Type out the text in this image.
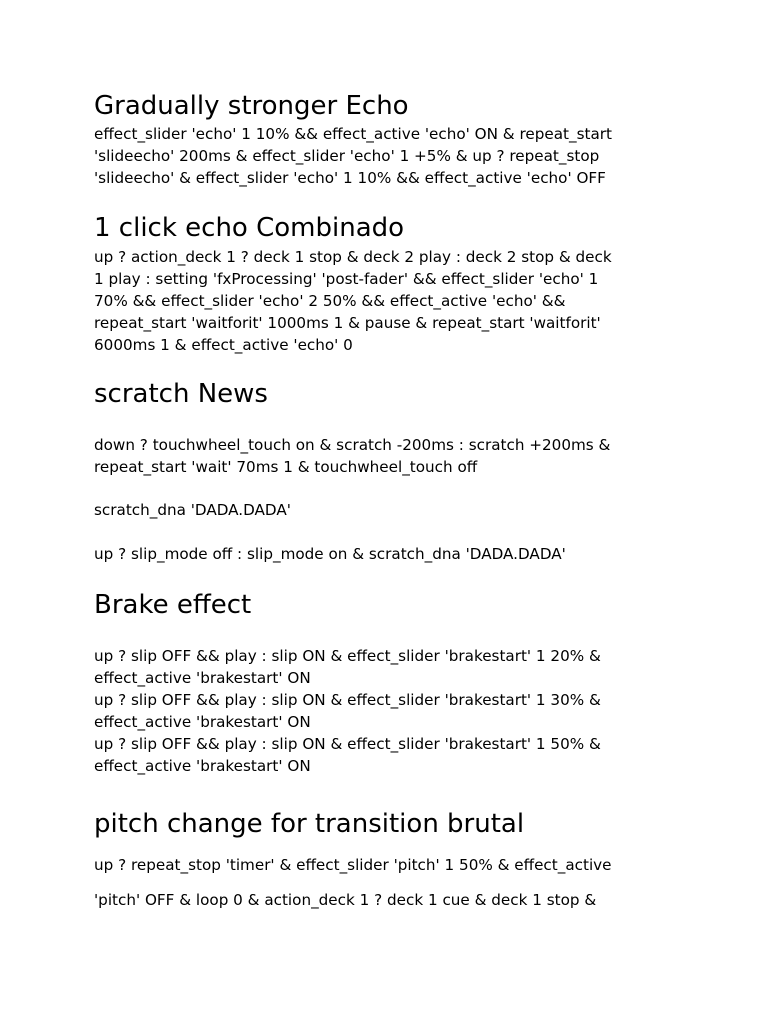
Gradually stronger Echo

effect_slider 'echo' 1 10% && effect_active 'echo' ON & repeat_start

'slideecho' 200ms & effect_slider 'echo' 1 +5% & up ? repeat_stop

'slideecho' & effect_slider 'echo' 1 10% && effect_active 'echo' OFF

1 click echo Combinado

up ? action_deck 1 ? deck 1 stop & deck 2 play : deck 2 stop & deck

1 play : setting 'fxProcessing' 'post-fader' && effect_slider 'echo' 1

70% && effect_slider 'echo' 2 50% && effect_active 'echo' &&

repeat_start 'waitforit' 1000ms 1 & pause & repeat_start 'waitforit'

6000ms 1 & effect_active 'echo' 0

scratch News

down ? touchwheel_touch on & scratch -200ms : scratch +200ms &

repeat_start 'wait' 70ms 1 & touchwheel_touch off

scratch_dna 'DADA.DADA'

up ? slip_mode off : slip_mode on & scratch_dna 'DADA.DADA'

Brake effect

up ? slip OFF && play : slip ON & effect_slider 'brakestart' 1 20% &

effect_active 'brakestart' ON

up ? slip OFF && play : slip ON & effect_slider 'brakestart' 1 30% &

effect_active 'brakestart' ON

up ? slip OFF && play : slip ON & effect_slider 'brakestart' 1 50% &

effect_active 'brakestart' ON

pitch change for transition brutal

up ? repeat_stop 'timer' & effect_slider 'pitch' 1 50% & effect_active

'pitch' OFF & loop 0 & action_deck 1 ? deck 1 cue & deck 1 stop &
